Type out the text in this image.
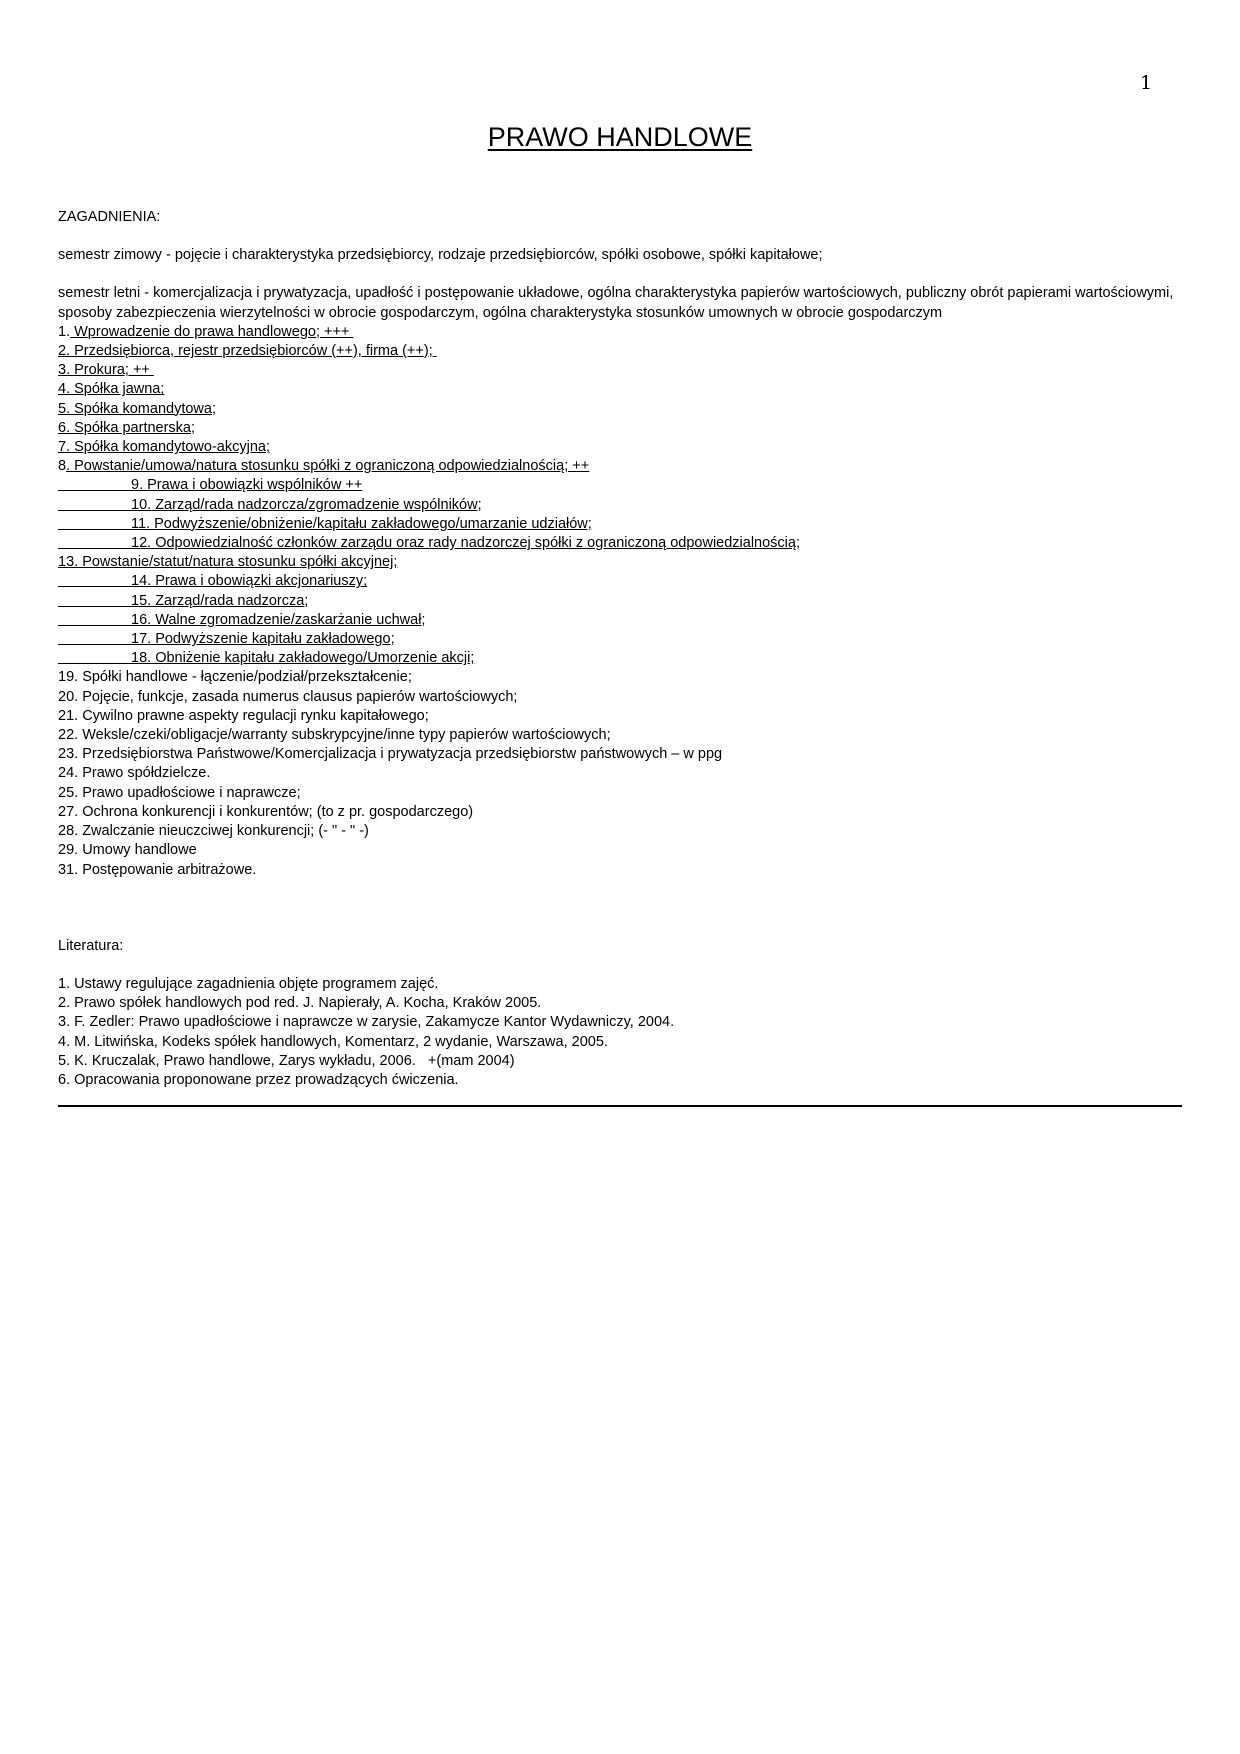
1
PRAWO HANDLOWE

ZAGADNIENIA:

semestr zimowy - pojęcie i charakterystyka przedsiębiorcy, rodzaje przedsiębiorców, spółki osobowe, spółki kapitałowe;

semestr letni - komercjalizacja i prywatyzacja, upadłość i postępowanie układowe, ogólna charakterystyka papierów wartościowych, publiczny obrót papierami wartościowymi, sposoby zabezpieczenia wierzytelności w obrocie gospodarczym, ogólna charakterystyka stosunków umownych w obrocie gospodarczym

1. Wprowadzenie do prawa handlowego; +++
2. Przedsiębiorca, rejestr przedsiębiorców (++), firma (++);
3. Prokura; ++
4. Spółka jawna;
5. Spółka komandytowa;
6. Spółka partnerska;
7. Spółka komandytowo-akcyjna;
8. Powstanie/umowa/natura stosunku spółki z ograniczoną odpowiedzialnością; ++
9. Prawa i obowiązki wspólników ++
10. Zarząd/rada nadzorcza/zgromadzenie wspólników;
11. Podwyższenie/obniżenie/kapitału zakładowego/umarzanie udziałów;
12. Odpowiedzialność członków zarządu oraz rady nadzorczej spółki z ograniczoną odpowiedzialnością;
13. Powstanie/statut/natura stosunku spółki akcyjnej;
14. Prawa i obowiązki akcjonariuszy;
15. Zarząd/rada nadzorcza;
16. Walne zgromadzenie/zaskarżanie uchwał;
17. Podwyższenie kapitału zakładowego;
18. Obniżenie kapitału zakładowego/Umorzenie akcji;
19. Spółki handlowe - łączenie/podział/przekształcenie;
20. Pojęcie, funkcje, zasada numerus clausus papierów wartościowych;
21. Cywilno prawne aspekty regulacji rynku kapitałowego;
22. Weksle/czeki/obligacje/warranty subskrypcyjne/inne typy papierów wartościowych;
23. Przedsiębiorstwa Państwowe/Komercjalizacja i prywatyzacja przedsiębiorstw państwowych – w ppg
24. Prawo spółdzielcze.
25. Prawo upadłościowe i naprawcze;
27. Ochrona konkurencji i konkurentów; (to z pr. gospodarczego)
28. Zwalczanie nieuczciwej konkurencji; (- " - " -)
29. Umowy handlowe
31. Postępowanie arbitrażowe.

Literatura:

1. Ustawy regulujące zagadnienia objęte programem zajęć.
2. Prawo spółek handlowych pod red. J. Napierały, A. Kocha, Kraków 2005.
3. F. Zedler: Prawo upadłościowe i naprawcze w zarysie, Zakamycze Kantor Wydawniczy, 2004.
4. M. Litwińska, Kodeks spółek handlowych, Komentarz, 2 wydanie, Warszawa, 2005.
5. K. Kruczalak, Prawo handlowe, Zarys wykładu, 2006.   +(mam 2004)
6. Opracowania proponowane przez prowadzących ćwiczenia.
